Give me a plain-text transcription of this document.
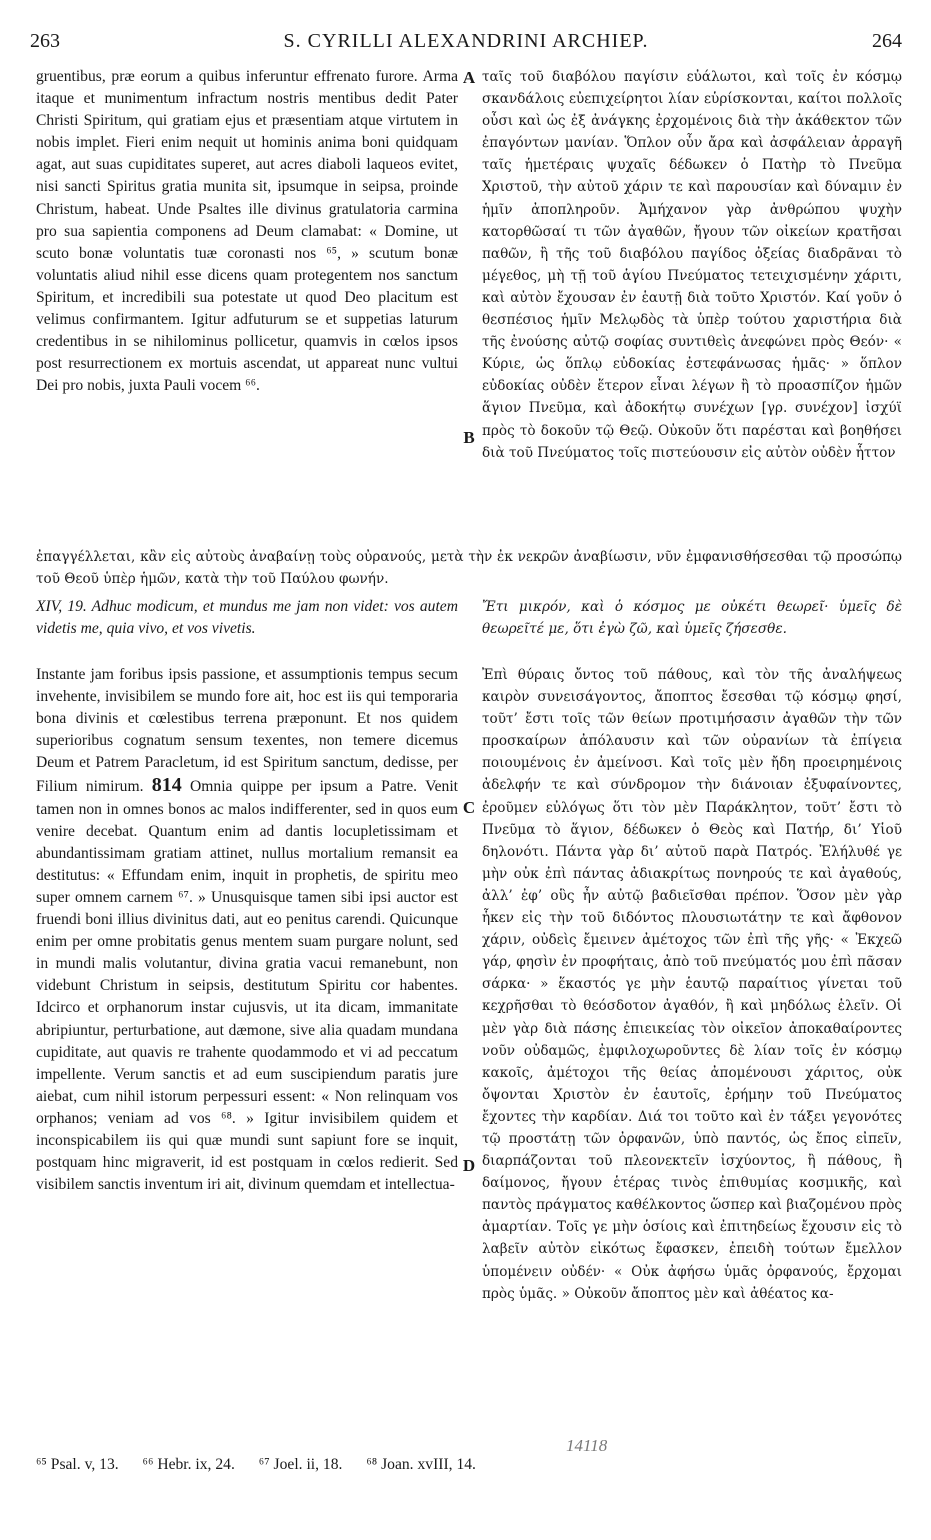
263	S. CYRILLI ALEXANDRINI ARCHIEP.	264
A
B
C
D

gruentibus, præ eorum a quibus inferuntur effrenato furore. Arma itaque et munimentum infractum nostris mentibus dedit Pater Christi Spiritum, qui gratiam ejus et præsentiam atque virtutem in nobis implet. Fieri enim nequit ut hominis anima boni quidquam agat, aut suas cupiditates superet, aut acres diaboli laqueos evitet, nisi sancti Spiritus gratia munita sit, ipsumque in seipsa, proinde Christum, habeat. Unde Psaltes ille divinus gratulatoria carmina pro sua sapientia componens ad Deum clamabat: « Domine, ut scuto bonæ voluntatis tuæ coronasti nos ⁶⁵, » scutum bonæ voluntatis aliud nihil esse dicens quam protegentem nos sanctum Spiritum, et incredibili sua potestate ut quod Deo placitum est velimus confirmantem. Igitur adfuturum se et suppetias laturum credentibus in se nihilominus pollicetur, quamvis in cœlos ipsos post resurrectionem ex mortuis ascendat, ut appareat nunc vultui Dei pro nobis, juxta Pauli vocem ⁶⁶.

ταῖς τοῦ διαβόλου παγίσιν εὐάλωτοι, καὶ τοῖς ἐν κόσμῳ σκανδάλοις εὐεπιχείρητοι λίαν εὑρίσκονται, καίτοι πολλοῖς οὖσι καὶ ὡς ἐξ ἀνάγκης ἐρχομένοις διὰ τὴν ἀκάθεκτον τῶν ἐπαγόντων μανίαν. Ὅπλον οὖν ἄρα καὶ ἀσφάλειαν ἀρραγῆ ταῖς ἡμετέραις ψυχαῖς δέδωκεν ὁ Πατὴρ τὸ Πνεῦμα Χριστοῦ, τὴν αὐτοῦ χάριν τε καὶ παρουσίαν καὶ δύναμιν ἐν ἡμῖν ἀποπληροῦν. Ἀμήχανον γὰρ ἀνθρώπου ψυχὴν κατορθῶσαί τι τῶν ἀγαθῶν, ἤγουν τῶν οἰκείων κρατῆσαι παθῶν, ἢ τῆς τοῦ διαβόλου παγίδος ὀξείας διαδρᾶναι τὸ μέγεθος, μὴ τῇ τοῦ ἁγίου Πνεύματος τετειχισμένην χάριτι, καὶ αὐτὸν ἔχουσαν ἐν ἑαυτῇ διὰ τοῦτο Χριστόν. Καί γοῦν ὁ θεσπέσιος ἡμῖν Μελῳδὸς τὰ ὑπὲρ τούτου χαριστήρια διὰ τῆς ἐνούσης αὐτῷ σοφίας συντιθεὶς ἀνεφώνει πρὸς Θεόν· « Κύριε, ὡς ὅπλῳ εὐδοκίας ἐστεφάνωσας ἡμᾶς· » ὅπλον εὐδοκίας οὐδὲν ἕτερον εἶναι λέγων ἢ τὸ προασπίζον ἡμῶν ἅγιον Πνεῦμα, καὶ ἀδοκήτῳ συνέχων [γρ. συνέχον] ἰσχύϊ πρὸς τὸ δοκοῦν τῷ Θεῷ. Οὐκοῦν ὅτι παρέσται καὶ βοηθήσει διὰ τοῦ Πνεύματος τοῖς πιστεύουσιν εἰς αὐτὸν οὐδὲν ἧττον

ἐπαγγέλλεται, κἂν εἰς αὐτοὺς ἀναβαίνῃ τοὺς οὐρανούς, μετὰ τὴν ἐκ νεκρῶν ἀναβίωσιν, νῦν ἐμφανισθήσεσθαι τῷ προσώπῳ τοῦ Θεοῦ ὑπὲρ ἡμῶν, κατὰ τὴν τοῦ Παύλου φωνήν.
XIV, 19. Adhuc modicum, et mundus me jam non videt: vos autem videtis me, quia vivo, et vos vivetis.
Ἔτι μικρόν, καὶ ὁ κόσμος με οὐκέτι θεωρεῖ· ὑμεῖς δὲ θεωρεῖτέ με, ὅτι ἐγὼ ζῶ, καὶ ὑμεῖς ζήσεσθε.

Instante jam foribus ipsis passione, et assumptionis tempus secum invehente, invisibilem se mundo fore ait, hoc est iis qui temporaria bona divinis et cœlestibus terrena præponunt. Et nos quidem superioribus cognatum sensum texentes, non temere dicemus Deum et Patrem Paracletum, id est Spiritum sanctum, dedisse, per Filium nimirum. 814 Omnia quippe per ipsum a Patre. Venit tamen non in omnes bonos ac malos indifferenter, sed in quos eum venire decebat. Quantum enim ad dantis locupletissimam et abundantissimam gratiam attinet, nullus mortalium remansit ea destitutus: « Effundam enim, inquit in prophetis, de spiritu meo super omnem carnem ⁶⁷. » Unusquisque tamen sibi ipsi auctor est fruendi boni illius divinitus dati, aut eo penitus carendi. Quicunque enim per omne probitatis genus mentem suam purgare nolunt, sed in mundi malis volutantur, divina gratia vacui remanebunt, non videbunt Christum in seipsis, destitutum Spiritu cor habentes. Idcirco et orphanorum instar cujusvis, ut ita dicam, immanitate abripiuntur, perturbatione, aut dæmone, sive alia quadam mundana cupiditate, aut quavis re trahente quodammodo et vi ad peccatum impellente. Verum sanctis et ad eum suscipiendum paratis jure aiebat, cum nihil istorum perpessuri essent: « Non relinquam vos orphanos; veniam ad vos ⁶⁸. » Igitur invisibilem quidem et inconspicabilem iis qui quæ mundi sunt sapiunt fore se inquit, postquam hinc migraverit, id est postquam in cœlos redierit. Sed visibilem sanctis inventum iri ait, divinum quemdam et intellectua-

Ἐπὶ θύραις ὄντος τοῦ πάθους, καὶ τὸν τῆς ἀναλήψεως καιρὸν συνεισάγοντος, ἄποπτος ἔσεσθαι τῷ κόσμῳ φησί, τοῦτ’ ἔστι τοῖς τῶν θείων προτιμήσασιν ἀγαθῶν τὴν τῶν προσκαίρων ἀπόλαυσιν καὶ τῶν οὐρανίων τὰ ἐπίγεια ποιουμένοις ἐν ἀμείνοσι. Καὶ τοῖς μὲν ἤδη προειρημένοις ἀδελφήν τε καὶ σύνδρομον τὴν διάνοιαν ἐξυφαίνοντες, ἐροῦμεν εὐλόγως ὅτι τὸν μὲν Παράκλητον, τοῦτ’ ἔστι τὸ Πνεῦμα τὸ ἅγιον, δέδωκεν ὁ Θεὸς καὶ Πατήρ, δι’ Υἱοῦ δηλονότι. Πάντα γὰρ δι’ αὐτοῦ παρὰ Πατρός. Ἐλήλυθέ γε μὴν οὐκ ἐπὶ πάντας ἀδιακρίτως πονηρούς τε καὶ ἀγαθούς, ἀλλ’ ἐφ’ οὓς ἦν αὐτῷ βαδιεῖσθαι πρέπον. Ὅσον μὲν γὰρ ἧκεν εἰς τὴν τοῦ διδόντος πλουσιωτάτην τε καὶ ἄφθονον χάριν, οὐδεὶς ἔμεινεν ἀμέτοχος τῶν ἐπὶ τῆς γῆς· « Ἐκχεῶ γάρ, φησὶν ἐν προφήταις, ἀπὸ τοῦ πνεύματός μου ἐπὶ πᾶσαν σάρκα· » ἕκαστός γε μὴν ἑαυτῷ παραίτιος γίνεται τοῦ κεχρῆσθαι τὸ θεόσδοτον ἀγαθόν, ἢ καὶ μηδόλως ἑλεῖν. Οἱ μὲν γὰρ διὰ πάσης ἐπιεικείας τὸν οἰκεῖον ἀποκαθαίροντες νοῦν οὐδαμῶς, ἐμφιλοχωροῦντες δὲ λίαν τοῖς ἐν κόσμῳ κακοῖς, ἀμέτοχοι τῆς θείας ἀπομένουσι χάριτος, οὐκ ὄψονται Χριστὸν ἐν ἑαυτοῖς, ἐρήμην τοῦ Πνεύματος ἔχοντες τὴν καρδίαν. Διά τοι τοῦτο καὶ ἐν τάξει γεγονότες τῷ προστάτῃ τῶν ὀρφανῶν, ὑπὸ παντός, ὡς ἔπος εἰπεῖν, διαρπάζονται τοῦ πλεονεκτεῖν ἰσχύοντος, ἢ πάθους, ἢ δαίμονος, ἤγουν ἑτέρας τινὸς ἐπιθυμίας κοσμικῆς, καὶ παντὸς πράγματος καθέλκοντος ὥσπερ καὶ βιαζομένου πρὸς ἁμαρτίαν. Τοῖς γε μὴν ὁσίοις καὶ ἐπιτηδείως ἔχουσιν εἰς τὸ λαβεῖν αὐτὸν εἰκότως ἔφασκεν, ἐπειδὴ τούτων ἔμελλον ὑπομένειν οὐδέν· « Οὐκ ἀφήσω ὑμᾶς ὀρφανούς, ἔρχομαι πρὸς ὑμᾶς. » Οὐκοῦν ἄποπτος μὲν καὶ ἀθέατος κα-

14118
⁶⁵ Psal. v, 13. ⁶⁶ Hebr. ix, 24. ⁶⁷ Joel. ii, 18. ⁶⁸ Joan. xvIII, 14.
